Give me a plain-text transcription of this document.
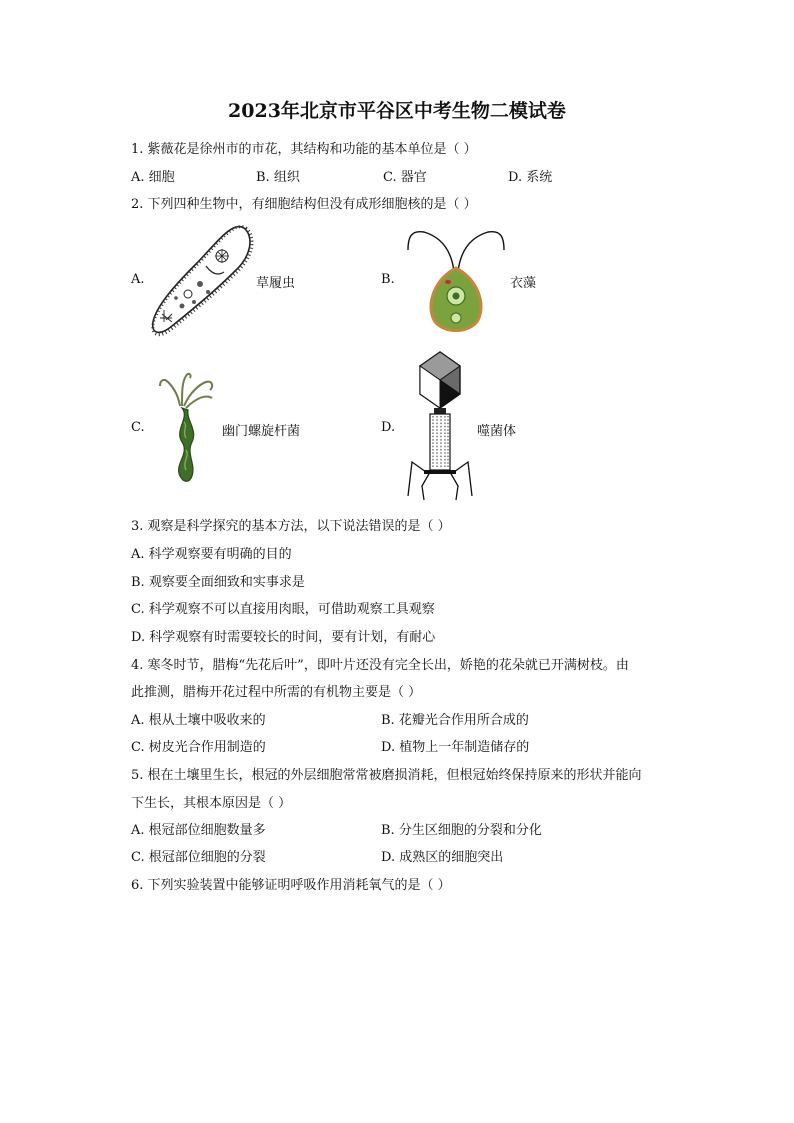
2023年北京市平谷区中考生物二模试卷
1. 紫薇花是徐州市的市花，其结构和功能的基本单位是（ ）
A. 细胞	B. 组织	C. 器官	D. 系统
2. 下列四种生物中，有细胞结构但没有成形细胞核的是（ ）
A.	草履虫	B.	衣藻
C.	幽门螺旋杆菌	D.	噬菌体
3. 观察是科学探究的基本方法，以下说法错误的是（ ）
A. 科学观察要有明确的目的
B. 观察要全面细致和实事求是
C. 科学观察不可以直接用肉眼，可借助观察工具观察
D. 科学观察有时需要较长的时间，要有计划，有耐心
4. 寒冬时节，腊梅“先花后叶”，即叶片还没有完全长出，娇艳的花朵就已开满树枝。由
此推测，腊梅开花过程中所需的有机物主要是（ ）
A. 根从土壤中吸收来的	B. 花瓣光合作用所合成的
C. 树皮光合作用制造的	D. 植物上一年制造储存的
5. 根在土壤里生长，根冠的外层细胞常常被磨损消耗，但根冠始终保持原来的形状并能向
下生长，其根本原因是（ ）
A. 根冠部位细胞数量多	B. 分生区细胞的分裂和分化
C. 根冠部位细胞的分裂	D. 成熟区的细胞突出
6. 下列实验装置中能够证明呼吸作用消耗氧气的是（ ）
